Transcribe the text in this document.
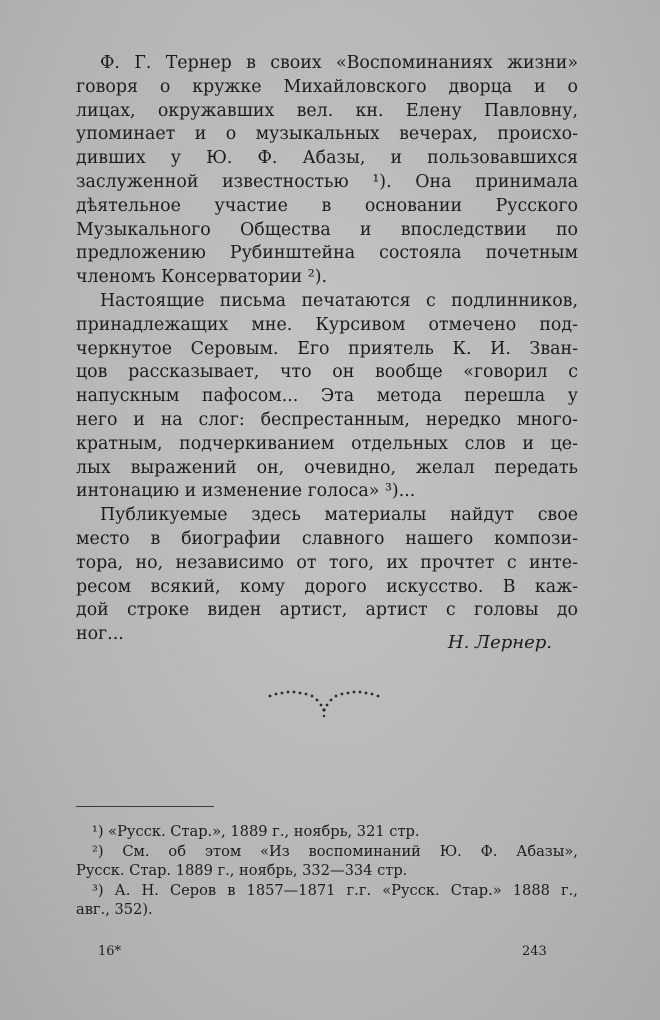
Ф. Г. Тернер в своих «Воспоминаниях жизни»
говоря о кружке Михайловского дворца и о
лицах, окружавших вел. кн. Елену Павловну,
упоминает и о музыкальных вечерах, происхо-
дивших у Ю. Ф. Абазы, и пользовавшихся
заслуженной известностью ¹). Она принимала
дѣятельное участие в основании Русского
Музыкального Общества и впоследствии по
предложению Рубинштейна состояла почетным
членомъ Консерватории ²).
Настоящие письма печатаются с подлинников,
принадлежащих мне. Курсивом отмечено под-
черкнутое Серовым. Его приятель К. И. Зван-
цов рассказывает, что он вообще «говорил с
напускным пафосом... Эта метода перешла у
него и на слог: беспрестанным, нередко много-
кратным, подчеркиванием отдельных слов и це-
лых выражений он, очевидно, желал передать
интонацию и изменение голоса» ³)...
Публикуемые здесь материалы найдут свое
место в биографии славного нашего компози-
тора, но, независимо от того, их прочтет с инте-
ресом всякий, кому дорого искусство. В каж-
дой строке виден артист, артист с головы до
ног...	Н. Лернер.
¹) «Русск. Стар.», 1889 г., ноябрь, 321 стр.
²) См. об этом «Из воспоминаний Ю. Ф. Абазы»,
Русск. Стар. 1889 г., ноябрь, 332—334 стр.
³) А. Н. Серов в 1857—1871 г.г. «Русск. Стар.» 1888 г.,
авг., 352).
16*	243
